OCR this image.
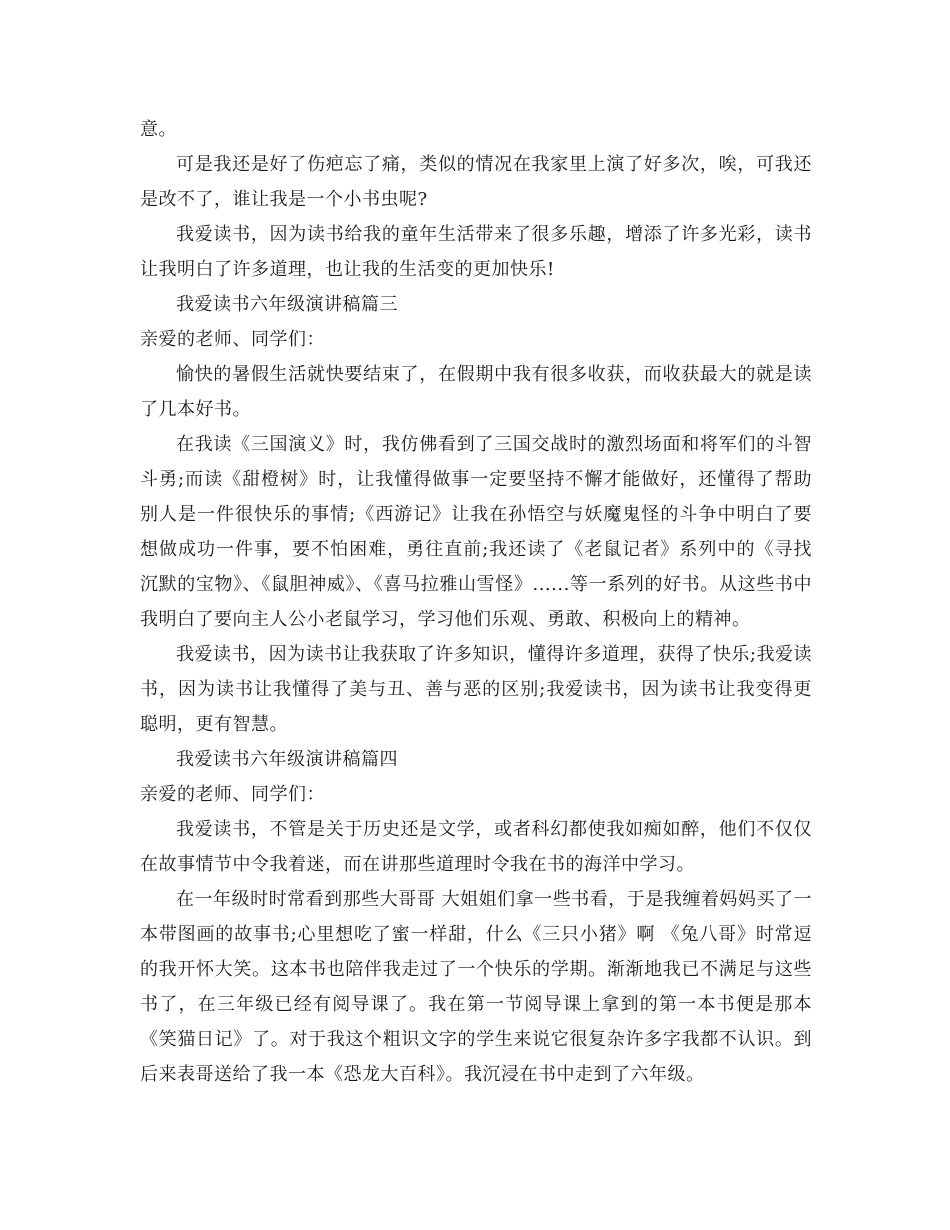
意。

可是我还是好了伤疤忘了痛，类似的情况在我家里上演了好多次，唉，可我还是改不了，谁让我是一个小书虫呢?

我爱读书，因为读书给我的童年生活带来了很多乐趣，增添了许多光彩，读书让我明白了许多道理，也让我的生活变的更加快乐!

我爱读书六年级演讲稿篇三

亲爱的老师、同学们：

愉快的暑假生活就快要结束了，在假期中我有很多收获，而收获最大的就是读了几本好书。

在我读《三国演义》时，我仿佛看到了三国交战时的激烈场面和将军们的斗智斗勇;而读《甜橙树》时，让我懂得做事一定要坚持不懈才能做好，还懂得了帮助别人是一件很快乐的事情;《西游记》让我在孙悟空与妖魔鬼怪的斗争中明白了要想做成功一件事，要不怕困难，勇往直前;我还读了《老鼠记者》系列中的《寻找沉默的宝物》、《鼠胆神威》、《喜马拉雅山雪怪》......等一系列的好书。从这些书中我明白了要向主人公小老鼠学习，学习他们乐观、勇敢、积极向上的精神。

我爱读书，因为读书让我获取了许多知识，懂得许多道理，获得了快乐;我爱读书，因为读书让我懂得了美与丑、善与恶的区别;我爱读书，因为读书让我变得更聪明，更有智慧。

我爱读书六年级演讲稿篇四

亲爱的老师、同学们：

我爱读书，不管是关于历史还是文学，或者科幻都使我如痴如醉，他们不仅仅在故事情节中令我着迷，而在讲那些道理时令我在书的海洋中学习。

在一年级时时常看到那些大哥哥 大姐姐们拿一些书看，于是我缠着妈妈买了一本带图画的故事书;心里想吃了蜜一样甜，什么《三只小猪》啊 《兔八哥》时常逗的我开怀大笑。这本书也陪伴我走过了一个快乐的学期。渐渐地我已不满足与这些书了，在三年级已经有阅导课了。我在第一节阅导课上拿到的第一本书便是那本《笑猫日记》了。对于我这个粗识文字的学生来说它很复杂许多字我都不认识。到后来表哥送给了我一本《恐龙大百科》。我沉浸在书中走到了六年级。
